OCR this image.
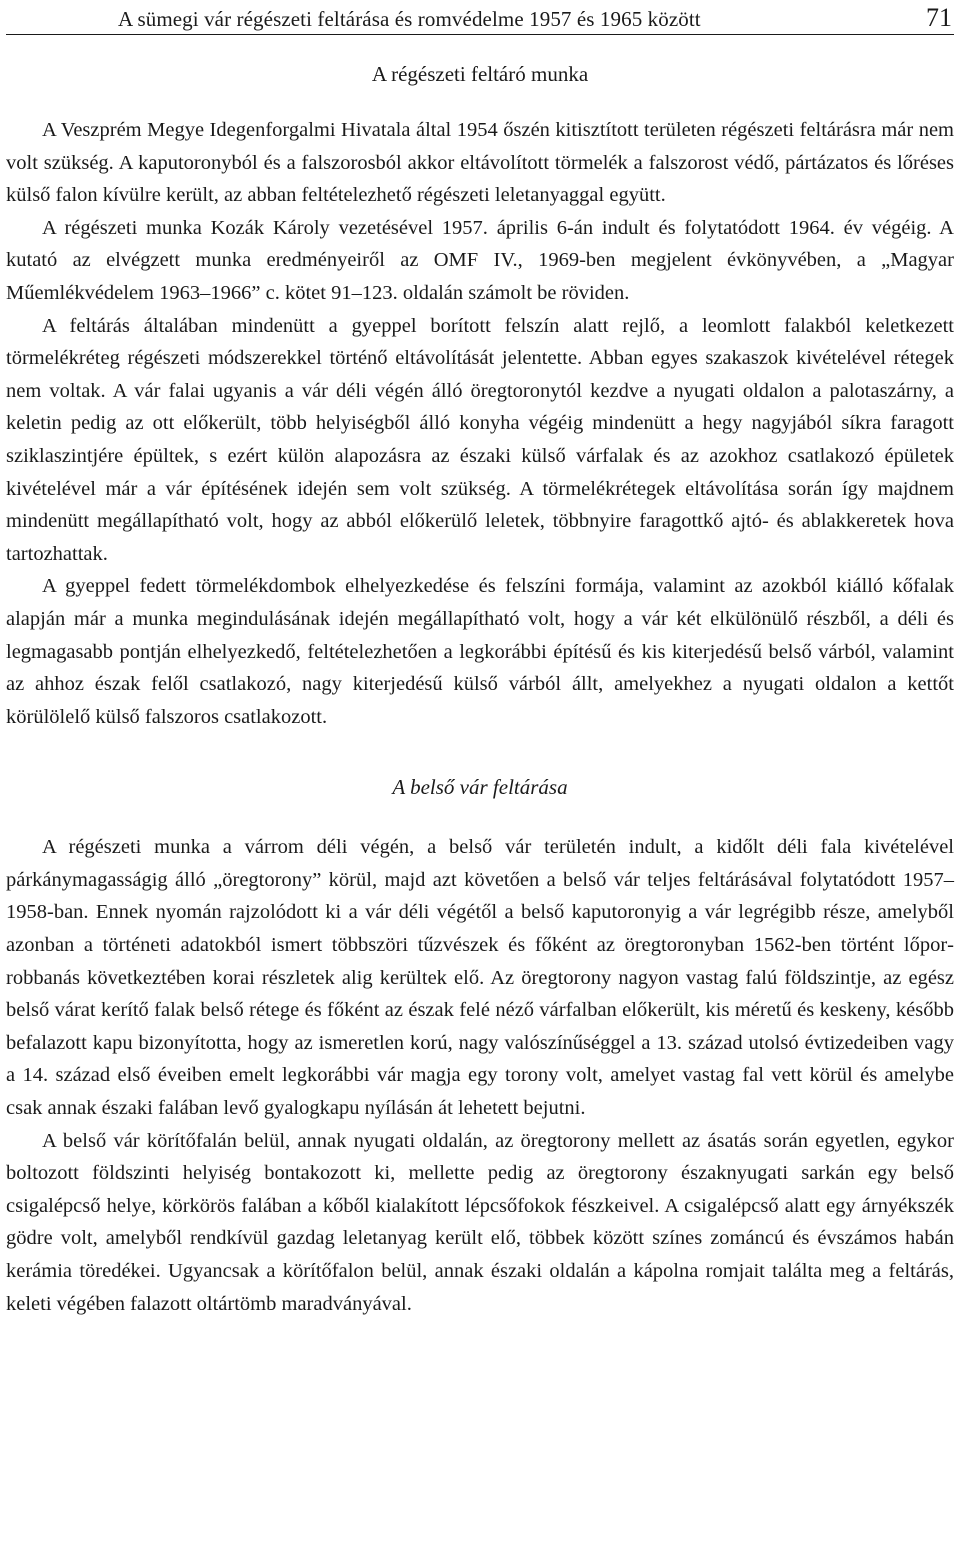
A sümegi vár régészeti feltárása és romvédelme 1957 és 1965 között	71
A régészeti feltáró munka

A Veszprém Megye Idegenforgalmi Hivatala által 1954 őszén kitisztított területen régészeti feltárásra már nem volt szükség. A kaputoronyból és a falszorosból akkor eltávolított törmelék a falszorost védő, pártázatos és lőréses külső falon kívülre került, az abban feltételezhető régészeti leletanyaggal együtt.

A régészeti munka Kozák Károly vezetésével 1957. április 6-án indult és folytatódott 1964. év végéig. A kutató az elvégzett munka eredményeiről az OMF IV., 1969-ben megjelent évkönyvében, a „Magyar Műemlékvédelem 1963–1966” c. kötet 91–123. oldalán számolt be röviden.

A feltárás általában mindenütt a gyeppel borított felszín alatt rejlő, a leomlott falakból keletkezett törmelékréteg régészeti módszerekkel történő eltávolítását jelentette. Abban egyes szakaszok kivételével rétegek nem voltak. A vár falai ugyanis a vár déli végén álló öregtoronytól kezdve a nyugati oldalon a palotaszárny, a keletin pedig az ott előkerült, több helyiségből álló konyha végéig mindenütt a hegy nagyjából síkra faragott sziklaszintjére épültek, s ezért külön alapozásra az északi külső várfalak és az azokhoz csatlakozó épületek kivételével már a vár építésének idején sem volt szükség. A törmelékrétegek eltávolítása során így majdnem mindenütt megállapítható volt, hogy az abból előkerülő leletek, többnyire faragottkő ajtó- és ablakkeretek hova tartozhattak.

A gyeppel fedett törmelékdombok elhelyezkedése és felszíni formája, valamint az azokból kiálló kőfalak alapján már a munka megindulásának idején megállapítható volt, hogy a vár két elkülönülő részből, a déli és legmagasabb pontján elhelyezkedő, feltételezhetően a legkorábbi építésű és kis kiterjedésű belső várból, valamint az ahhoz észak felől csatlakozó, nagy kiterjedésű külső várból állt, amelyekhez a nyugati oldalon a kettőt körülölelő külső falszoros csatlakozott.

A belső vár feltárása

A régészeti munka a várrom déli végén, a belső vár területén indult, a kidőlt déli fala kivételével párkánymagasságig álló „öregtorony” körül, majd azt követően a belső vár teljes feltárásával folytatódott 1957–1958-ban. Ennek nyomán rajzolódott ki a vár déli végétől a belső kaputoronyig a vár legrégibb része, amelyből azonban a történeti adatokból ismert többszöri tűzvészek és főként az öregtoronyban 1562-ben történt lőporrobbanás következtében korai részletek alig kerültek elő. Az öregtorony nagyon vastag falú földszintje, az egész belső várat kerítő falak belső rétege és főként az észak felé néző várfalban előkerült, kis méretű és keskeny, később befalazott kapu bizonyította, hogy az ismeretlen korú, nagy valószínűséggel a 13. század utolsó évtizedeiben vagy a 14. század első éveiben emelt legkorábbi vár magja egy torony volt, amelyet vastag fal vett körül és amelybe csak annak északi falában levő gyalogkapu nyílásán át lehetett bejutni.

A belső vár körítőfalán belül, annak nyugati oldalán, az öregtorony mellett az ásatás során egyetlen, egykor boltozott földszinti helyiség bontakozott ki, mellette pedig az öregtorony északnyugati sarkán egy belső csigalépcső helye, körkörös falában a kőből kialakított lépcsőfokok fészkeivel. A csigalépcső alatt egy árnyékszék gödre volt, amelyből rendkívül gazdag leletanyag került elő, többek között színes zománcú és évszámos habán kerámia töredékei. Ugyancsak a körítőfalon belül, annak északi oldalán a kápolna romjait találta meg a feltárás, keleti végében falazott oltártömb maradványával.
